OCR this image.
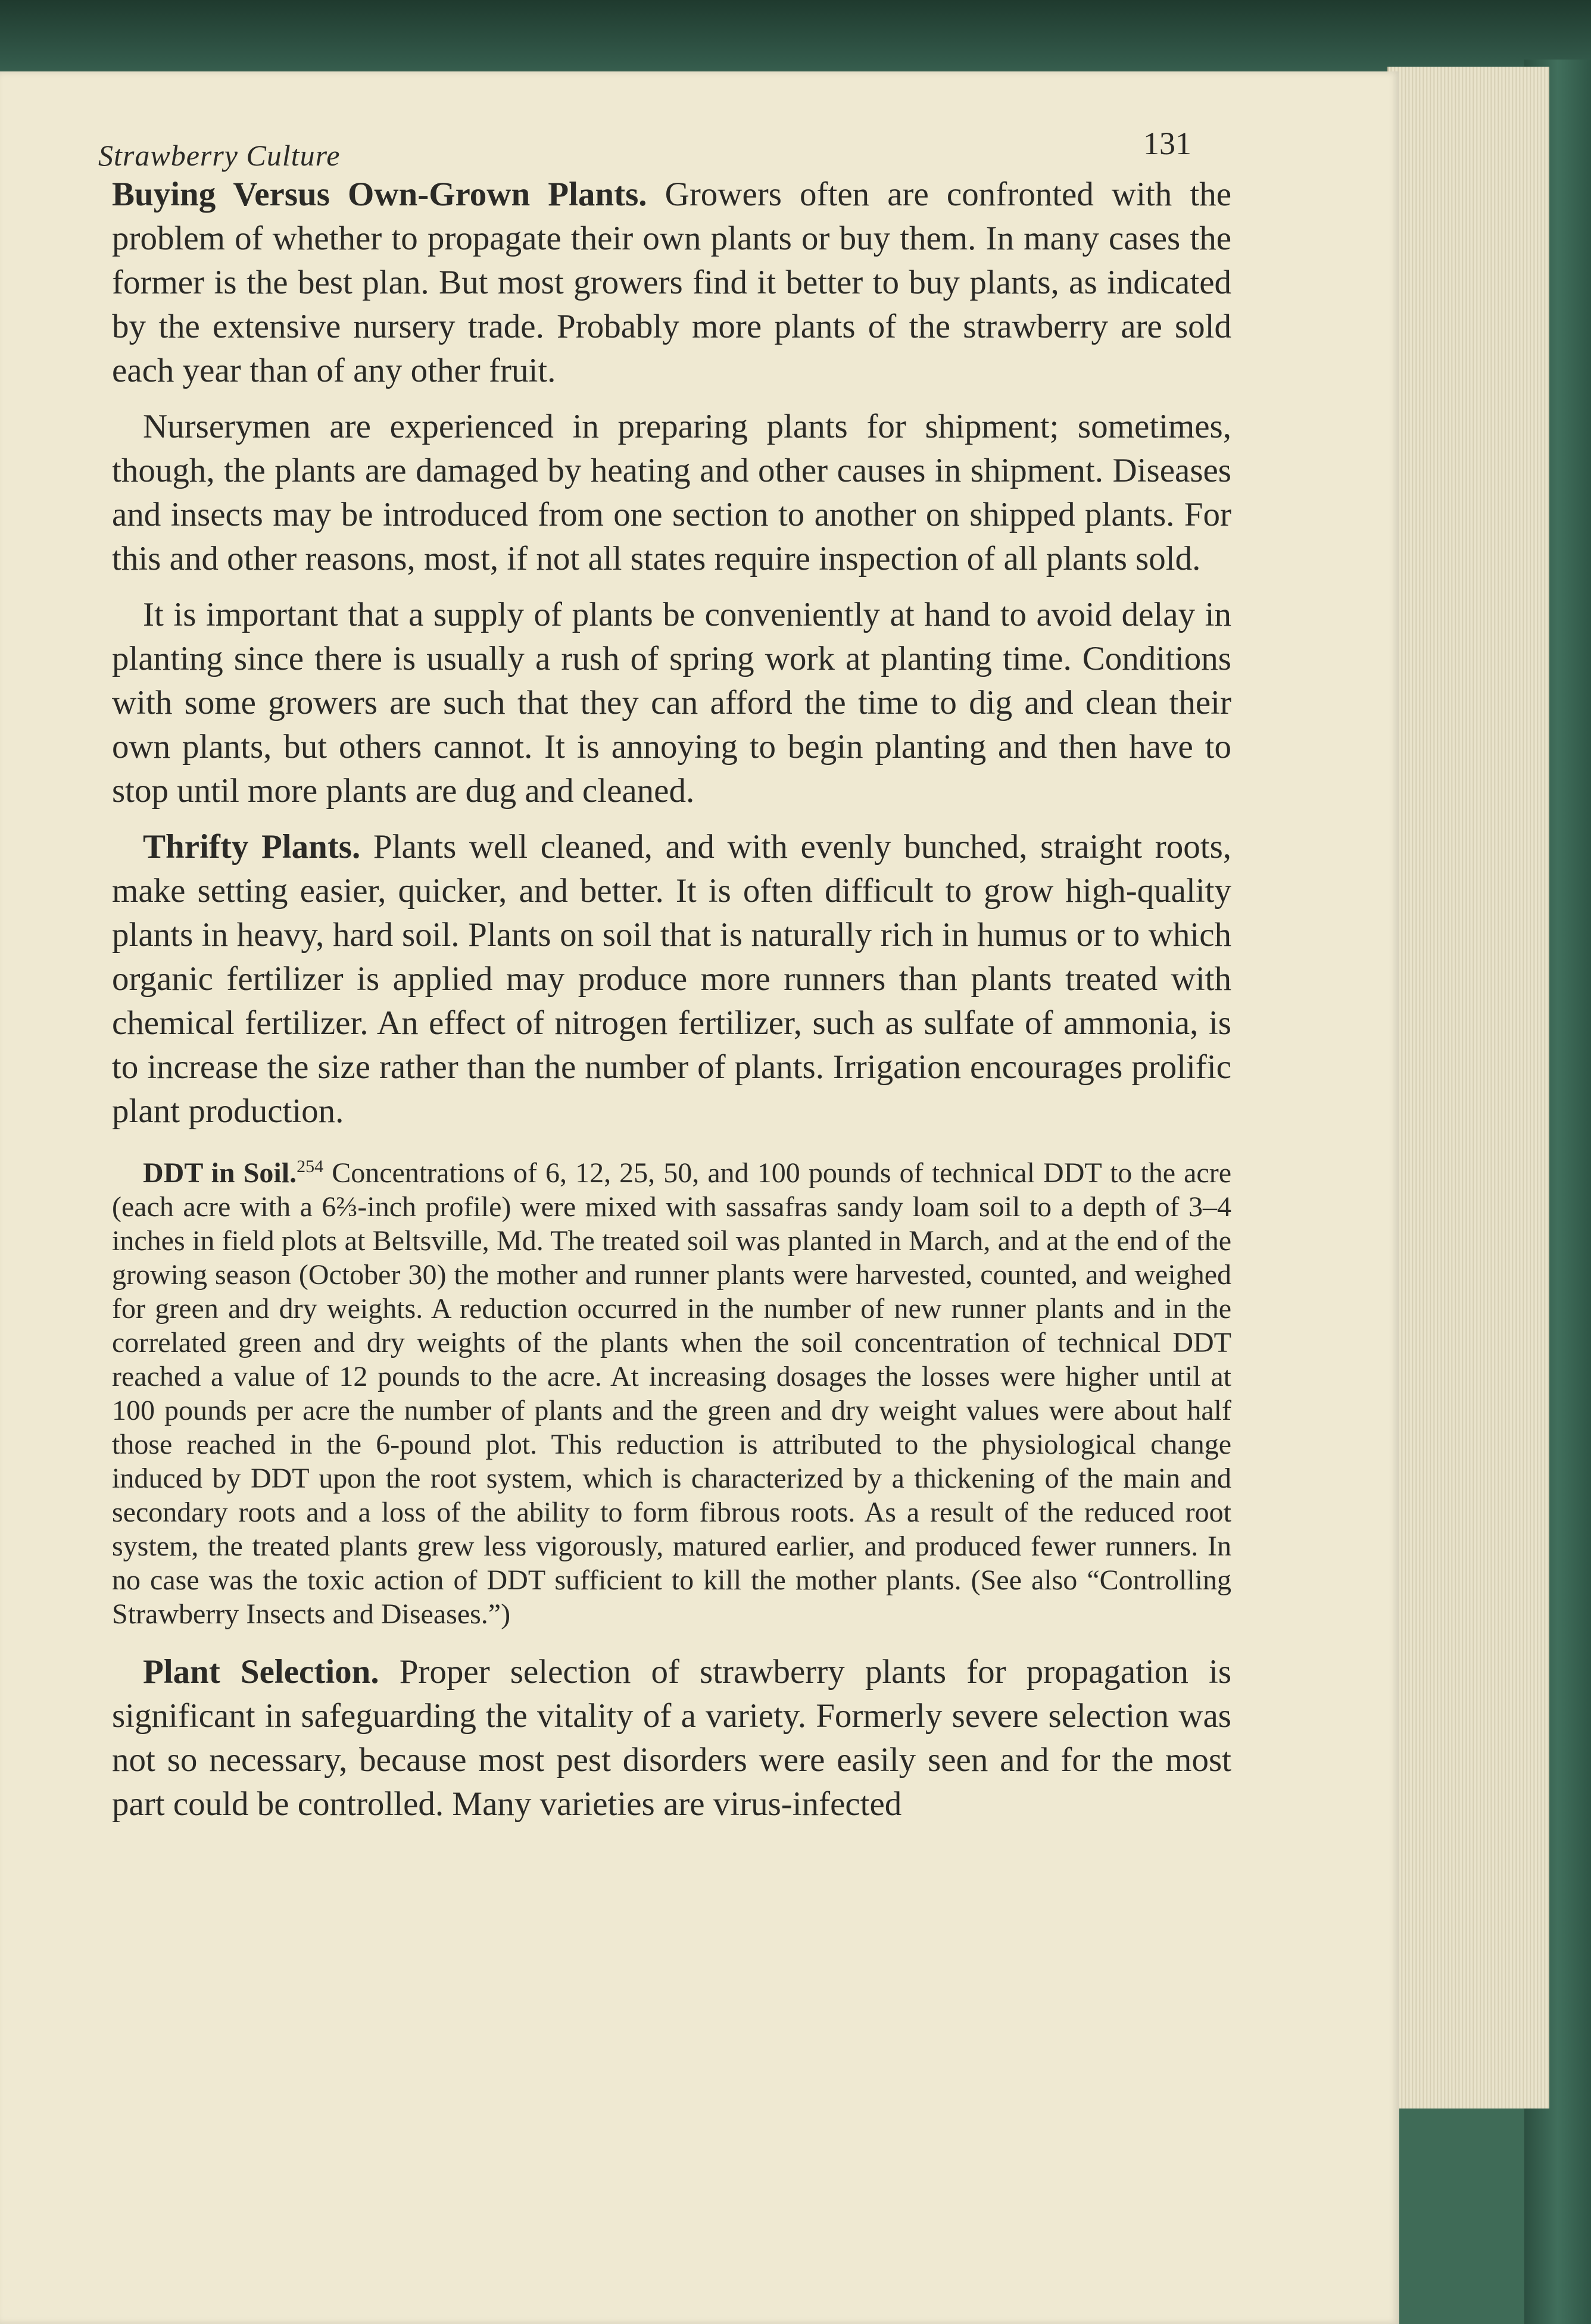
Strawberry Culture	131

Buying Versus Own-Grown Plants. Growers often are confronted with the problem of whether to propagate their own plants or buy them. In many cases the former is the best plan. But most growers find it better to buy plants, as indicated by the extensive nursery trade. Probably more plants of the strawberry are sold each year than of any other fruit.

Nurserymen are experienced in preparing plants for shipment; sometimes, though, the plants are damaged by heating and other causes in shipment. Diseases and insects may be introduced from one section to another on shipped plants. For this and other reasons, most, if not all states require inspection of all plants sold.

It is important that a supply of plants be conveniently at hand to avoid delay in planting since there is usually a rush of spring work at planting time. Conditions with some growers are such that they can afford the time to dig and clean their own plants, but others cannot. It is annoying to begin planting and then have to stop until more plants are dug and cleaned.

Thrifty Plants. Plants well cleaned, and with evenly bunched, straight roots, make setting easier, quicker, and better. It is often difficult to grow high-quality plants in heavy, hard soil. Plants on soil that is naturally rich in humus or to which organic fertilizer is applied may produce more runners than plants treated with chemical fertilizer. An effect of nitrogen fertilizer, such as sulfate of ammonia, is to increase the size rather than the number of plants. Irrigation encourages prolific plant production.

DDT in Soil.$^{254}$ Concentrations of 6, 12, 25, 50, and 100 pounds of technical DDT to the acre (each acre with a 6⅔-inch profile) were mixed with sassafras sandy loam soil to a depth of 3–4 inches in field plots at Beltsville, Md. The treated soil was planted in March, and at the end of the growing season (October 30) the mother and runner plants were harvested, counted, and weighed for green and dry weights. A reduction occurred in the number of new runner plants and in the correlated green and dry weights of the plants when the soil concentration of technical DDT reached a value of 12 pounds to the acre. At increasing dosages the losses were higher until at 100 pounds per acre the number of plants and the green and dry weight values were about half those reached in the 6-pound plot. This reduction is attributed to the physiological change induced by DDT upon the root system, which is characterized by a thickening of the main and secondary roots and a loss of the ability to form fibrous roots. As a result of the reduced root system, the treated plants grew less vigorously, matured earlier, and produced fewer runners. In no case was the toxic action of DDT sufficient to kill the mother plants. (See also “Controlling Strawberry Insects and Diseases.”)

Plant Selection. Proper selection of strawberry plants for propagation is significant in safeguarding the vitality of a variety. Formerly severe selection was not so necessary, because most pest disorders were easily seen and for the most part could be controlled. Many varieties are virus-infected
